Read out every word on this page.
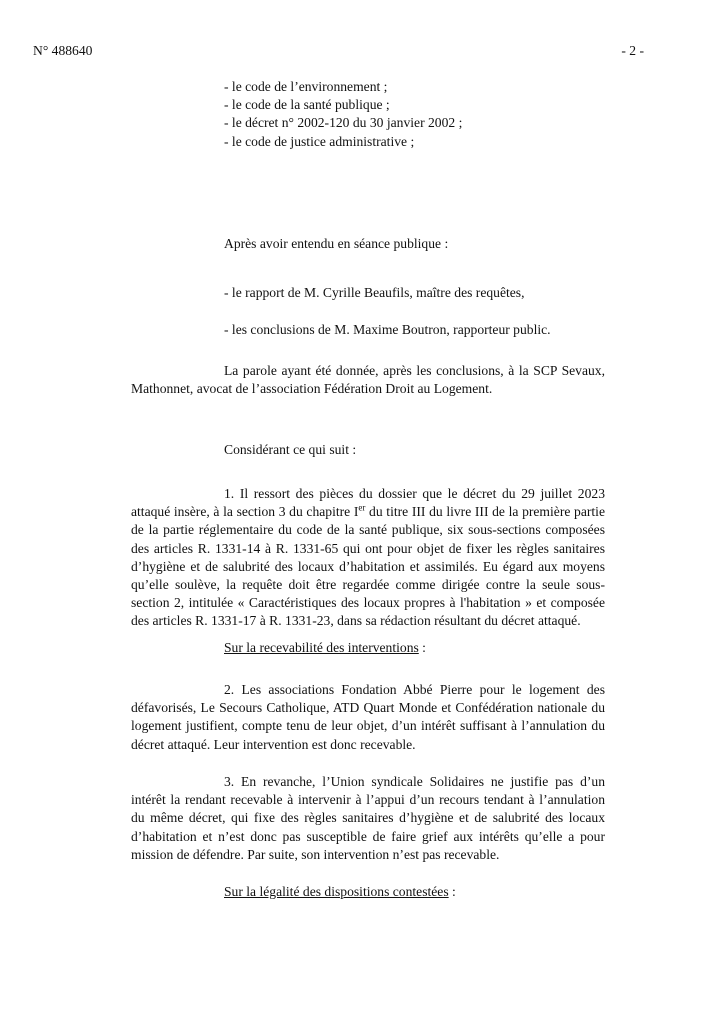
N° 488640	- 2 -
- le code de l’environnement ;
- le code de la santé publique ;
- le décret n° 2002-120 du 30 janvier 2002 ;
- le code de justice administrative ;
Après avoir entendu en séance publique :
- le rapport de M. Cyrille Beaufils, maître des requêtes,
- les conclusions de M. Maxime Boutron, rapporteur public.

La parole ayant été donnée, après les conclusions, à la SCP Sevaux, Mathonnet, avocat de l’association Fédération Droit au Logement.

Considérant ce qui suit :

1. Il ressort des pièces du dossier que le décret du 29 juillet 2023 attaqué insère, à la section 3 du chapitre Ier du titre III du livre III de la première partie de la partie réglementaire du code de la santé publique, six sous-sections composées des articles R. 1331-14 à R. 1331-65 qui ont pour objet de fixer les règles sanitaires d’hygiène et de salubrité des locaux d’habitation et assimilés. Eu égard aux moyens qu’elle soulève, la requête doit être regardée comme dirigée contre la seule sous-section 2, intitulée « Caractéristiques des locaux propres à l'habitation » et composée des articles R. 1331-17 à R. 1331-23, dans sa rédaction résultant du décret attaqué.

Sur la recevabilité des interventions :

2. Les associations Fondation Abbé Pierre pour le logement des défavorisés, Le Secours Catholique, ATD Quart Monde et Confédération nationale du logement justifient, compte tenu de leur objet, d’un intérêt suffisant à l’annulation du décret attaqué. Leur intervention est donc recevable.

3. En revanche, l’Union syndicale Solidaires ne justifie pas d’un intérêt la rendant recevable à intervenir à l’appui d’un recours tendant à l’annulation du même décret, qui fixe des règles sanitaires d’hygiène et de salubrité des locaux d’habitation et n’est donc pas susceptible de faire grief aux intérêts qu’elle a pour mission de défendre. Par suite, son intervention n’est pas recevable.

Sur la légalité des dispositions contestées :
